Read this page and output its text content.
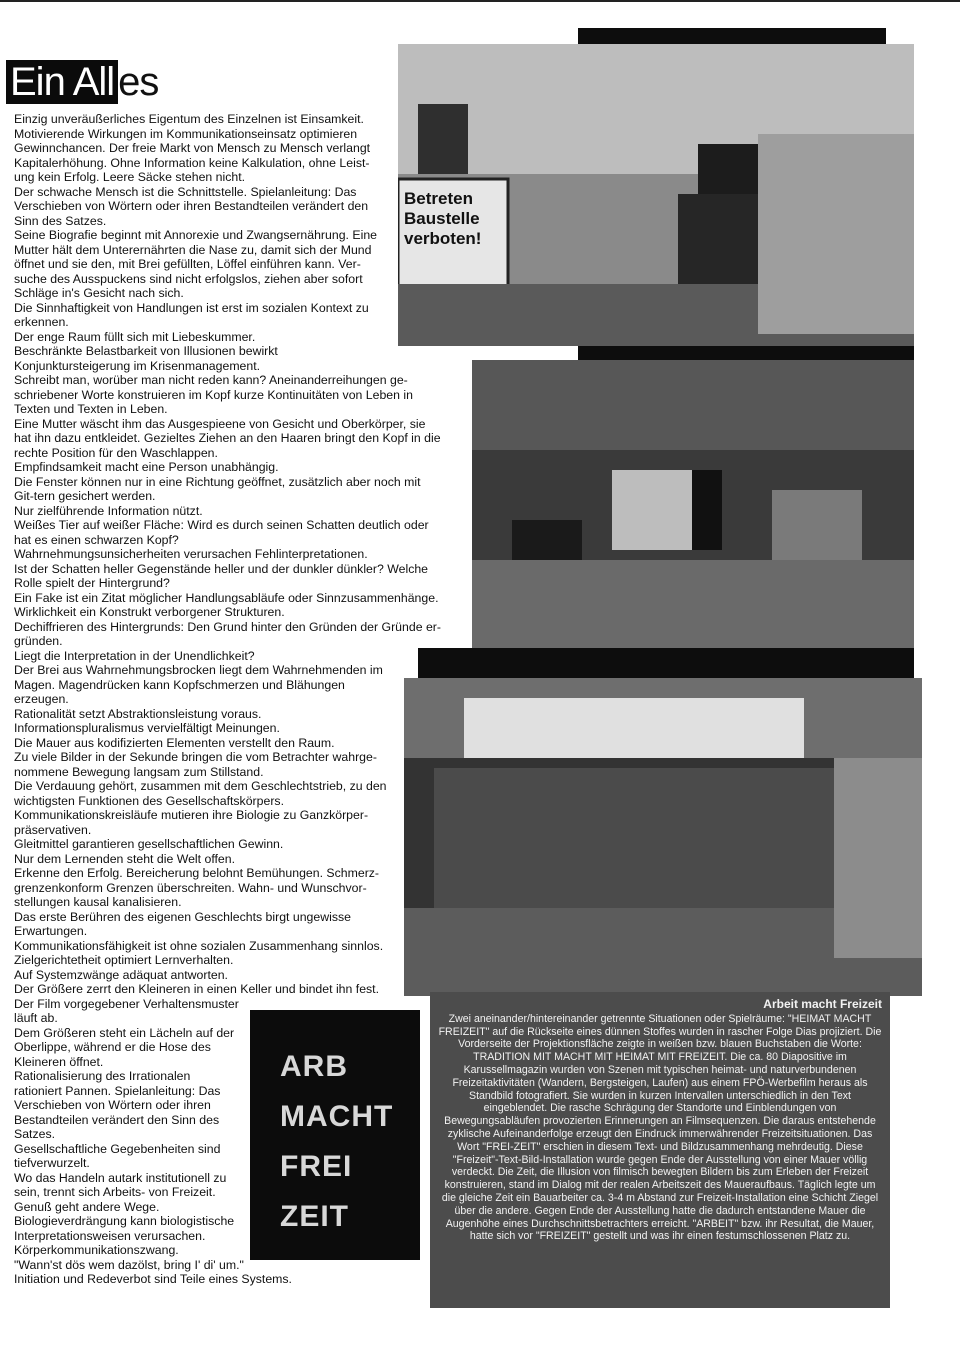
Ein All es

Einzig unveräußerliches Eigentum des Einzelnen ist Einsamkeit.

Motivierende Wirkungen im Kommunikationseinsatz optimieren

Gewinnchancen. Der freie Markt von Mensch zu Mensch verlangt

Kapitalerhöhung. Ohne Information keine Kalkulation, ohne Leist-

ung kein Erfolg. Leere Säcke stehen nicht.

Der schwache Mensch ist die Schnittstelle. Spielanleitung: Das

Verschieben von Wörtern oder ihren Bestandteilen verändert den

Sinn des Satzes.

Seine Biografie beginnt mit Annorexie und Zwangsernährung. Eine

Mutter hält dem Unterernährten die Nase zu, damit sich der Mund

öffnet und sie den, mit Brei gefüllten, Löffel einführen kann. Ver-

suche des Ausspuckens sind nicht erfolgslos, ziehen aber sofort

Schläge in's Gesicht nach sich.

Die Sinnhaftigkeit von Handlungen ist erst im sozialen Kontext zu

erkennen.

Der enge Raum füllt sich mit Liebeskummer.

Beschränkte Belastbarkeit von Illusionen bewirkt

Konjunktursteigerung im Krisenmanagement.

Schreibt man, worüber man nicht reden kann? Aneinanderreihungen ge-

schriebener Worte konstruieren im Kopf kurze Kontinuitäten von Leben in

Texten und Texten in Leben.

Eine Mutter wäscht ihm das Ausgespieene von Gesicht und Oberkörper, sie

hat ihn dazu entkleidet. Gezieltes Ziehen an den Haaren bringt den Kopf in die

rechte Position für den Waschlappen.

Empfindsamkeit macht eine Person unabhängig.

Die Fenster können nur in eine Richtung geöffnet, zusätzlich aber noch mit

Git-tern gesichert werden.

Nur zielführende Information nützt.

Weißes Tier auf weißer Fläche: Wird es durch seinen Schatten deutlich oder

hat es einen schwarzen Kopf?

Wahrnehmungsunsicherheiten verursachen Fehlinterpretationen.

Ist der Schatten heller Gegenstände heller und der dunkler dünkler? Welche

Rolle spielt der Hintergrund?

Ein Fake ist ein Zitat möglicher Handlungsabläufe oder Sinnzusammenhänge.

Wirklichkeit ein Konstrukt verborgener Strukturen.

Dechiffrieren des Hintergrunds: Den Grund hinter den Gründen der Gründe er-

gründen.

Liegt die Interpretation in der Unendlichkeit?

Der Brei aus Wahrnehmungsbrocken liegt dem Wahrnehmenden im

Magen. Magendrücken kann Kopfschmerzen und Blähungen

erzeugen.

Rationalität setzt Abstraktionsleistung voraus.

Informationspluralismus vervielfältigt Meinungen.

Die Mauer aus kodifizierten Elementen verstellt den Raum.

Zu viele Bilder in der Sekunde bringen die vom Betrachter wahrge-

nommene Bewegung langsam zum Stillstand.

Die Verdauung gehört, zusammen mit dem Geschlechtstrieb, zu den

wichtigsten Funktionen des Gesellschaftskörpers.

Kommunikationskreisläufe mutieren ihre Biologie zu Ganzkörper-

präservativen.

Gleitmittel garantieren gesellschaftlichen Gewinn.

Nur dem Lernenden steht die Welt offen.

Erkenne den Erfolg. Bereicherung belohnt Bemühungen. Schmerz-

grenzenkonform Grenzen überschreiten. Wahn- und Wunschvor-

stellungen kausal kanalisieren.

Das erste Berühren des eigenen Geschlechts birgt ungewisse

Erwartungen.

Kommunikationsfähigkeit ist ohne sozialen Zusammenhang sinnlos.

Zielgerichtetheit optimiert Lernverhalten.

Auf Systemzwänge adäquat antworten.

Der Größere zerrt den Kleineren in einen Keller und bindet ihn fest.

Der Film vorgegebener Verhaltensmuster

läuft ab.

Dem Größeren steht ein Lächeln auf der

Oberlippe, während er die Hose des

Kleineren öffnet.

Rationalisierung des Irrationalen

rationiert Pannen. Spielanleitung: Das

Verschieben von Wörtern oder ihren

Bestandteilen verändert den Sinn des

Satzes.

Gesellschaftliche Gegebenheiten sind

tiefverwurzelt.

Wo das Handeln autark institutionell zu

sein, trennt sich Arbeits- von Freizeit.

Genuß geht andere Wege.

Biologieverdrängung kann biologistische

Interpretationsweisen verursachen.

Körperkommunikationszwang.

"Wann'st dös wem dazölst, bring I' di' um."

Initiation und Redeverbot sind Teile eines Systems.

Betreten
Baustelle
verboten!
ARB
MACHT
FREI
ZEIT
Arbeit macht Freizeit
Zwei aneinander/hintereinander getrennte Situationen oder Spielräume: "HEIMAT MACHT FREIZEIT" auf die Rückseite eines dünnen Stoffes wurden in rascher Folge Dias projiziert. Die Vorderseite der Projektionsfläche zeigte in weißen bzw. blauen Buchstaben die Worte: TRADITION MIT MACHT MIT HEIMAT MIT FREIZEIT. Die ca. 80 Diapositive im Karussellmagazin wurden von Szenen mit typischen heimat- und naturverbundenen Freizeitaktivitäten (Wandern, Bergsteigen, Laufen) aus einem FPÖ-Werbefilm heraus als Standbild fotografiert. Sie wurden in kurzen Intervallen unterschiedlich in den Text eingeblendet. Die rasche Schrägung der Standorte und Einblendungen von Bewegungsabläufen provozierten Erinnerungen an Filmsequenzen. Die daraus entstehende zyklische Aufeinanderfolge erzeugt den Eindruck immerwährender Freizeitsituationen. Das Wort "FREI-ZEIT" erschien in diesem Text- und Bildzusammenhang mehrdeutig. Diese "Freizeit"-Text-Bild-Installation wurde gegen Ende der Ausstellung von einer Mauer völlig verdeckt. Die Zeit, die Illusion von filmisch bewegten Bildern bis zum Erleben der Freizeit konstruieren, stand im Dialog mit der realen Arbeitszeit des Maueraufbaus. Täglich legte um die gleiche Zeit ein Bauarbeiter ca. 3-4 m Abstand zur Freizeit-Installation eine Schicht Ziegel über die andere. Gegen Ende der Ausstellung hatte die dadurch entstandene Mauer die Augenhöhe eines Durchschnittsbetrachters erreicht. "ARBEIT" bzw. ihr Resultat, die Mauer, hatte sich vor "FREIZEIT" gestellt und was ihr einen festumschlossenen Platz zu.
